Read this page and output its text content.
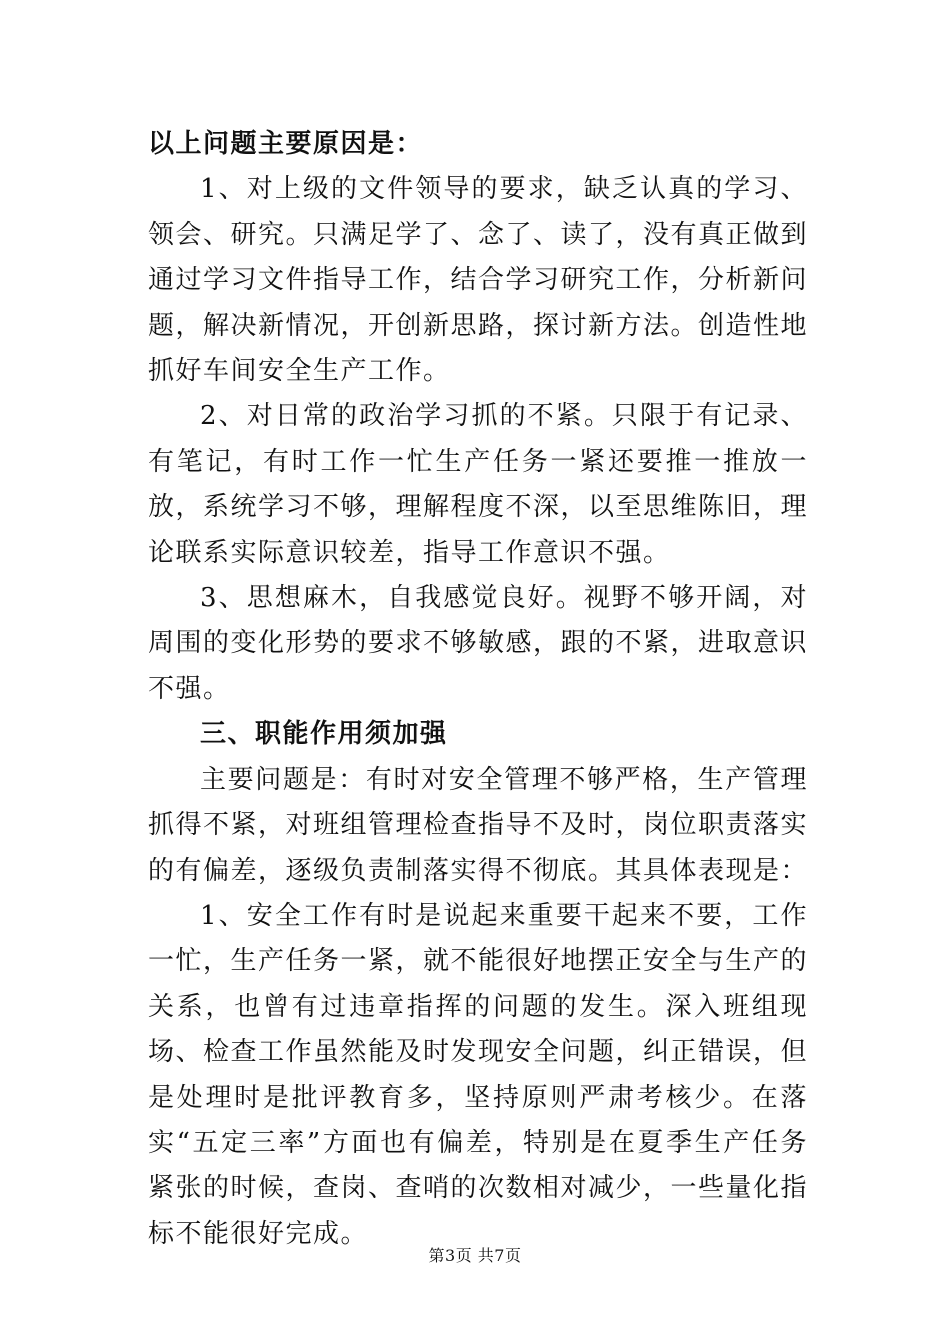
以上问题主要原因是：

1、对上级的文件领导的要求，缺乏认真的学习、领会、研究。只满足学了、念了、读了，没有真正做到通过学习文件指导工作，结合学习研究工作，分析新问题，解决新情况，开创新思路，探讨新方法。创造性地抓好车间安全生产工作。

2、对日常的政治学习抓的不紧。只限于有记录、有笔记，有时工作一忙生产任务一紧还要推一推放一放，系统学习不够，理解程度不深，以至思维陈旧，理论联系实际意识较差，指导工作意识不强。

3、思想麻木，自我感觉良好。视野不够开阔，对周围的变化形势的要求不够敏感，跟的不紧，进取意识不强。

三、职能作用须加强

主要问题是：有时对安全管理不够严格，生产管理抓得不紧，对班组管理检查指导不及时，岗位职责落实的有偏差，逐级负责制落实得不彻底。其具体表现是：

1、安全工作有时是说起来重要干起来不要，工作一忙，生产任务一紧，就不能很好地摆正安全与生产的关系，也曾有过违章指挥的问题的发生。深入班组现场、检查工作虽然能及时发现安全问题，纠正错误，但是处理时是批评教育多，坚持原则严肃考核少。在落实“五定三率”方面也有偏差，特别是在夏季生产任务紧张的时候，查岗、查哨的次数相对减少，一些量化指标不能很好完成。

第3页 共7页
